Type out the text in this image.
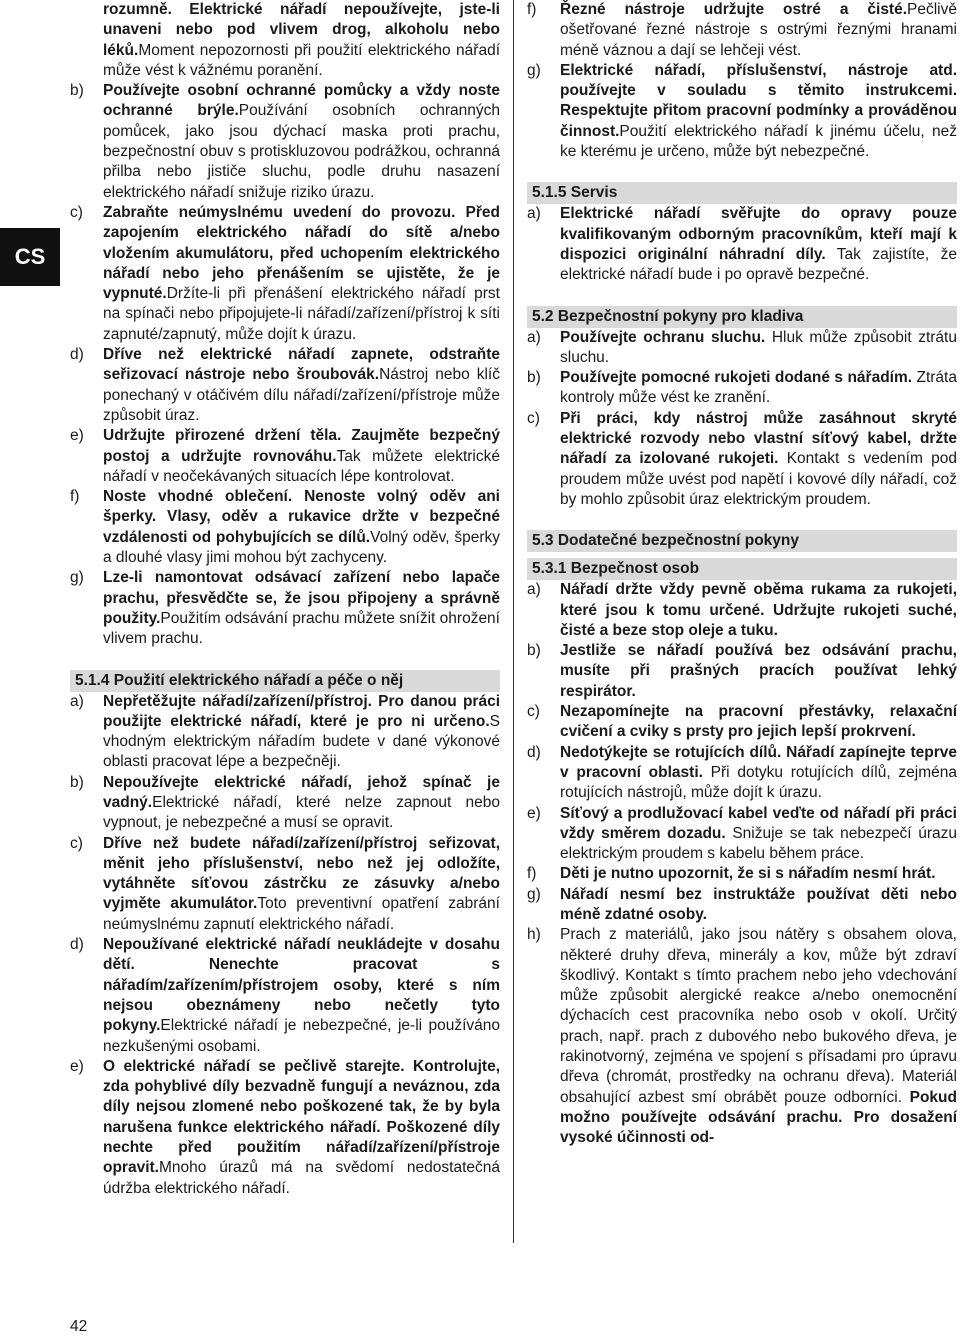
CS
rozumně. Elektrické nářadí nepoužívejte, jste-li unaveni nebo pod vlivem drog, alkoholu nebo léků.Moment nepozornosti při použití elektrického nářadí může vést k vážnému poranění.
b)	Používejte osobní ochranné pomůcky a vždy noste ochranné brýle.Používání osobních ochranných pomůcek, jako jsou dýchací maska proti prachu, bezpečnostní obuv s protiskluzovou podrážkou, ochranná přilba nebo jističe sluchu, podle druhu nasazení elektrického nářadí snižuje riziko úrazu.
c)	Zabraňte neúmyslnému uvedení do provozu. Před zapojením elektrického nářadí do sítě a/nebo vložením akumulátoru, před uchopením elektrického nářadí nebo jeho přenášením se ujistěte, že je vypnuté.Držíte-li při přenášení elektrického nářadí prst na spínači nebo připojujete-li nářadí/zařízení/přístroj k síti zapnuté/zapnutý, může dojít k úrazu.
d)	Dříve než elektrické nářadí zapnete, odstraňte seřizovací nástroje nebo šroubovák.Nástroj nebo klíč ponechaný v otáčivém dílu nářadí/zařízení/přístroje může způsobit úraz.
e)	Udržujte přirozené držení těla. Zaujměte bezpečný postoj a udržujte rovnováhu.Tak můžete elektrické nářadí v neočekávaných situacích lépe kontrolovat.
f)	Noste vhodné oblečení. Nenoste volný oděv ani šperky. Vlasy, oděv a rukavice držte v bezpečné vzdálenosti od pohybujících se dílů.Volný oděv, šperky a dlouhé vlasy jimi mohou být zachyceny.
g)	Lze-li namontovat odsávací zařízení nebo lapače prachu, přesvědčte se, že jsou připojeny a správně použity.Použitím odsávání prachu můžete snížit ohrožení vlivem prachu.
5.1.4 Použití elektrického nářadí a péče o něj
a)	Nepřetěžujte nářadí/zařízení/přístroj. Pro danou práci použijte elektrické nářadí, které je pro ni určeno.S vhodným elektrickým nářadím budete v dané výkonové oblasti pracovat lépe a bezpečněji.
b)	Nepoužívejte elektrické nářadí, jehož spínač je vadný.Elektrické nářadí, které nelze zapnout nebo vypnout, je nebezpečné a musí se opravit.
c)	Dříve než budete nářadí/zařízení/přístroj seřizovat, měnit jeho příslušenství, nebo než jej odložíte, vytáhněte síťovou zástrčku ze zásuvky a/nebo vyjměte akumulátor.Toto preventivní opatření zabrání neúmyslnému zapnutí elektrického nářadí.
d)	Nepoužívané elektrické nářadí neukládejte v dosahu dětí. Nenechte pracovat s nářadím/zařízením/přístrojem osoby, které s ním nejsou obeznámeny nebo nečetly tyto pokyny.Elektrické nářadí je nebezpečné, je-li používáno nezkušenými osobami.
e)	O elektrické nářadí se pečlivě starejte. Kontrolujte, zda pohyblivé díly bezvadně fungují a neváznou, zda díly nejsou zlomené nebo poškozené tak, že by byla narušena funkce elektrického nářadí. Poškozené díly nechte před použitím nářadí/zařízení/přístroje opravit.Mnoho úrazů má na svědomí nedostatečná údržba elektrického nářadí.
f)	Řezné nástroje udržujte ostré a čisté.Pečlivě ošetřované řezné nástroje s ostrými řeznými hranami méně váznou a dají se lehčeji vést.
g)	Elektrické nářadí, příslušenství, nástroje atd. používejte v souladu s těmito instrukcemi. Respektujte přitom pracovní podmínky a prováděnou činnost.Použití elektrického nářadí k jinému účelu, než ke kterému je určeno, může být nebezpečné.
5.1.5 Servis
a)	Elektrické nářadí svěřujte do opravy pouze kvalifikovaným odborným pracovníkům, kteří mají k dispozici originální náhradní díly. Tak zajistíte, že elektrické nářadí bude i po opravě bezpečné.
5.2 Bezpečnostní pokyny pro kladiva
a)	Používejte ochranu sluchu. Hluk může způsobit ztrátu sluchu.
b)	Používejte pomocné rukojeti dodané s nářadím. Ztráta kontroly může vést ke zranění.
c)	Při práci, kdy nástroj může zasáhnout skryté elektrické rozvody nebo vlastní síťový kabel, držte nářadí za izolované rukojeti. Kontakt s vedením pod proudem může uvést pod napětí i kovové díly nářadí, což by mohlo způsobit úraz elektrickým proudem.
5.3 Dodatečné bezpečnostní pokyny
5.3.1 Bezpečnost osob
a)	Nářadí držte vždy pevně oběma rukama za rukojeti, které jsou k tomu určené. Udržujte rukojeti suché, čisté a beze stop oleje a tuku.
b)	Jestliže se nářadí používá bez odsávání prachu, musíte při prašných pracích používat lehký respirátor.
c)	Nezapomínejte na pracovní přestávky, relaxační cvičení a cviky s prsty pro jejich lepší prokrvení.
d)	Nedotýkejte se rotujících dílů. Nářadí zapínejte teprve v pracovní oblasti. Při dotyku rotujících dílů, zejména rotujících nástrojů, může dojít k úrazu.
e)	Síťový a prodlužovací kabel veďte od nářadí při práci vždy směrem dozadu. Snižuje se tak nebezpečí úrazu elektrickým proudem s kabelu během práce.
f)	Děti je nutno upozornit, že si s nářadím nesmí hrát.
g)	Nářadí nesmí bez instruktáže používat děti nebo méně zdatné osoby.
h)	Prach z materiálů, jako jsou nátěry s obsahem olova, některé druhy dřeva, minerály a kov, může být zdraví škodlivý. Kontakt s tímto prachem nebo jeho vdechování může způsobit alergické reakce a/nebo onemocnění dýchacích cest pracovníka nebo osob v okolí. Určitý prach, např. prach z dubového nebo bukového dřeva, je rakinotvorný, zejména ve spojení s přísadami pro úpravu dřeva (chromát, prostředky na ochranu dřeva). Materiál obsahující azbest smí obrábět pouze odborníci. Pokud možno používejte odsávání prachu. Pro dosažení vysoké účinnosti od-
42
